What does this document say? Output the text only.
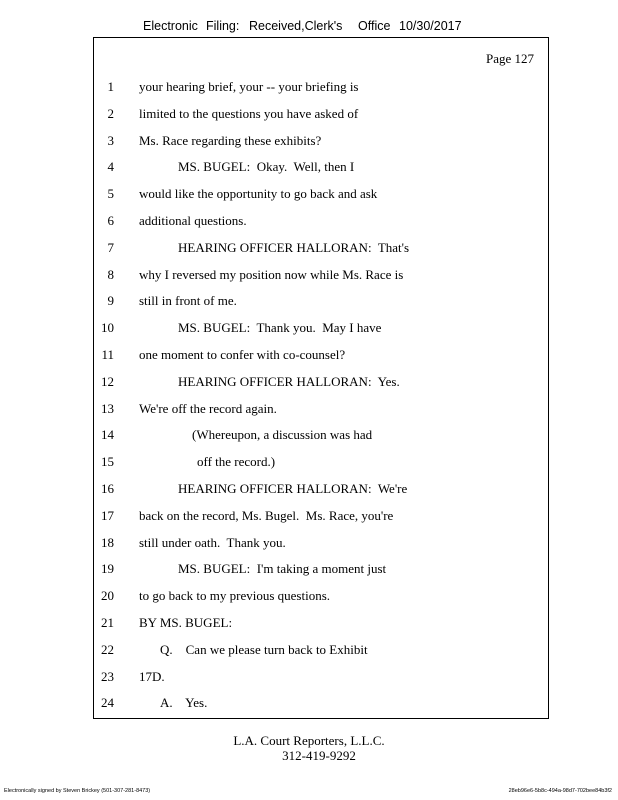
Electronic Filing: Received,Clerk's Office 10/30/2017
Page 127
1 your hearing brief, your -- your briefing is
2 limited to the questions you have asked of
3 Ms. Race regarding these exhibits?
4	MS. BUGEL:  Okay.  Well, then I
5 would like the opportunity to go back and ask
6 additional questions.
7	HEARING OFFICER HALLORAN:  That's
8 why I reversed my position now while Ms. Race is
9 still in front of me.
10	MS. BUGEL:  Thank you.  May I have
11 one moment to confer with co-counsel?
12	HEARING OFFICER HALLORAN:  Yes.
13 We're off the record again.
14	(Whereupon, a discussion was had
15	off the record.)
16	HEARING OFFICER HALLORAN:  We're
17 back on the record, Ms. Bugel.  Ms. Race, you're
18 still under oath.  Thank you.
19	MS. BUGEL:  I'm taking a moment just
20 to go back to my previous questions.
21 BY MS. BUGEL:
22	Q.    Can we please turn back to Exhibit
23 17D.
24	A.    Yes.
L.A. Court Reporters, L.L.C.
312-419-9292
Electronically signed by Steven Brickey (501-307-281-8473)	28eb96e6-5b8c-494a-98d7-702bee84b3f2
